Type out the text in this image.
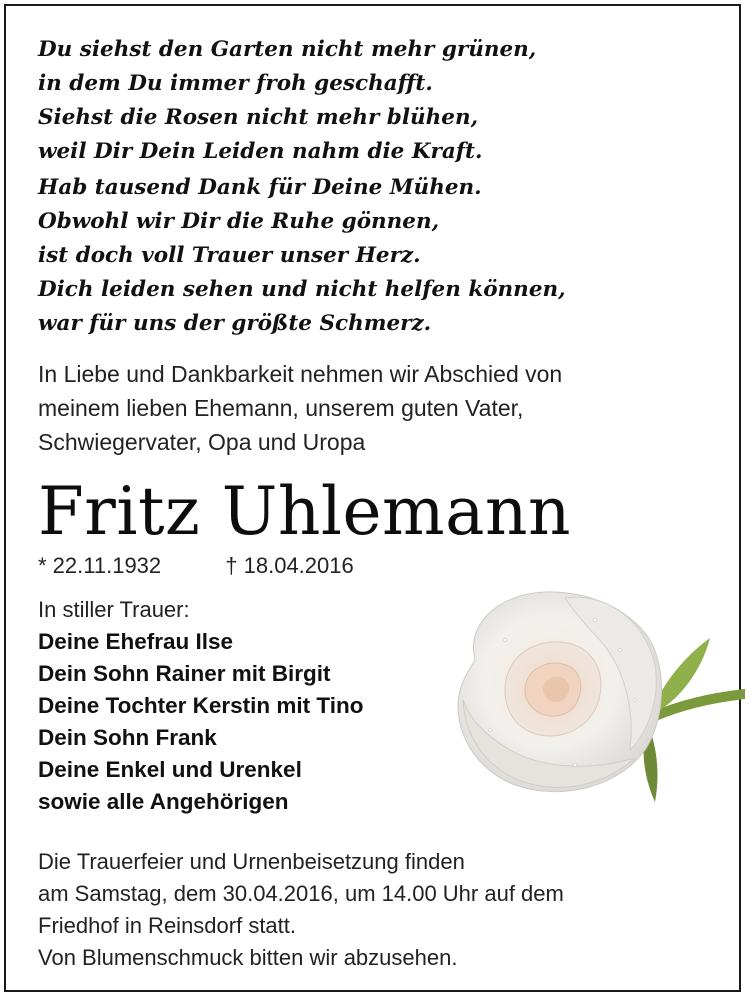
Du siehst den Garten nicht mehr grünen,
in dem Du immer froh geschafft.
Siehst die Rosen nicht mehr blühen,
weil Dir Dein Leiden nahm die Kraft.
Hab tausend Dank für Deine Mühen.
Obwohl wir Dir die Ruhe gönnen,
ist doch voll Trauer unser Herz.
Dich leiden sehen und nicht helfen können,
war für uns der größte Schmerz.
In Liebe und Dankbarkeit nehmen wir Abschied von
meinem lieben Ehemann, unserem guten Vater,
Schwiegervater, Opa und Uropa
Fritz Uhlemann
* 22.11.1932	† 18.04.2016
In stiller Trauer:
Deine Ehefrau Ilse
Dein Sohn Rainer mit Birgit
Deine Tochter Kerstin mit Tino
Dein Sohn Frank
Deine Enkel und Urenkel
sowie alle Angehörigen
Die Trauerfeier und Urnenbeisetzung finden
am Samstag, dem 30.04.2016, um 14.00 Uhr auf dem
Friedhof in Reinsdorf statt.
Von Blumenschmuck bitten wir abzusehen.
